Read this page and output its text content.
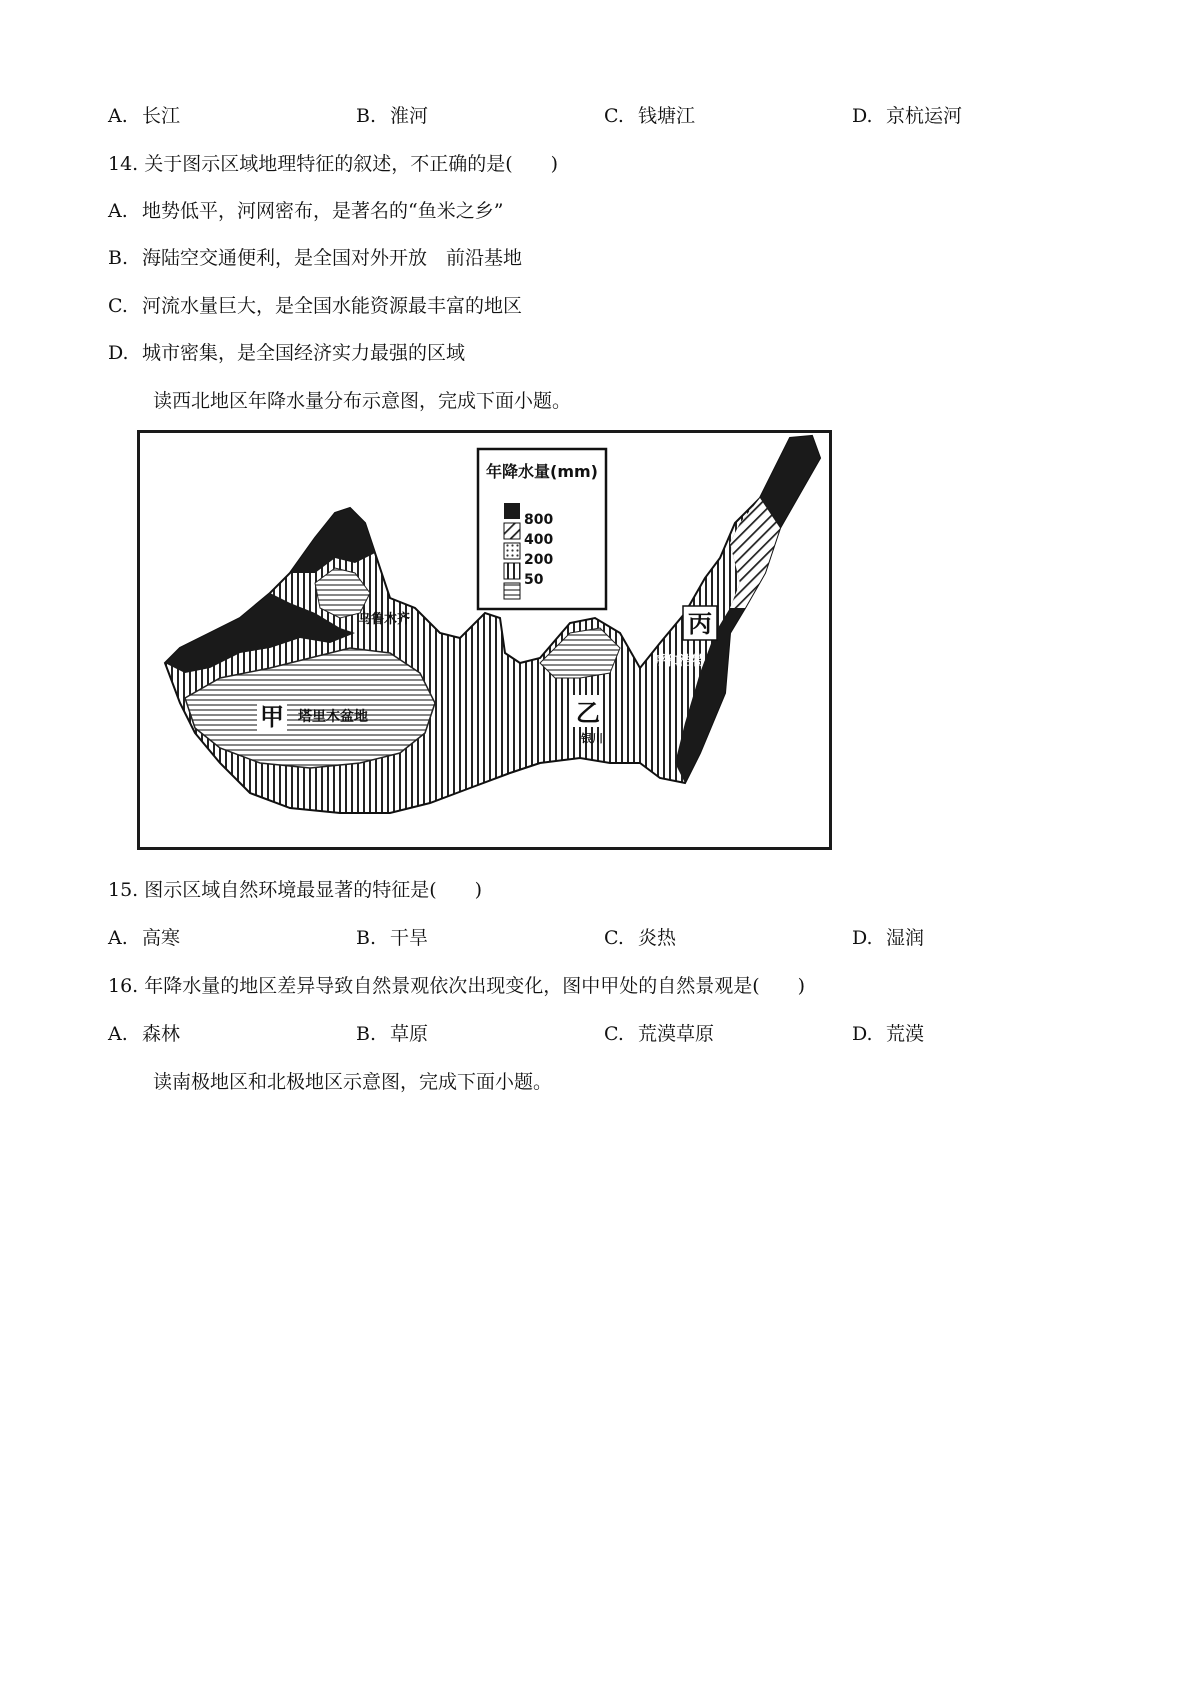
A. 长江	B. 淮河	C. 钱塘江	D. 京杭运河
14. 关于图示区域地理特征的叙述，不正确的是(　　)
A. 地势低平，河网密布，是著名的“鱼米之乡”
B. 海陆空交通便利，是全国对外开放　前沿基地
C. 河流水量巨大，是全国水能资源最丰富的地区
D. 城市密集，是全国经济实力最强的区域
读西北地区年降水量分布示意图，完成下面小题。
年降水量(mm)
800
400
200
50
甲 塔里木盆地
乌鲁木齐
乙
银川
丙
呼和浩特
15. 图示区域自然环境最显著的特征是(　　)
A. 高寒	B. 干旱	C. 炎热	D. 湿润
16. 年降水量的地区差异导致自然景观依次出现变化，图中甲处的自然景观是(　　)
A. 森林	B. 草原	C. 荒漠草原	D. 荒漠
读南极地区和北极地区示意图，完成下面小题。
